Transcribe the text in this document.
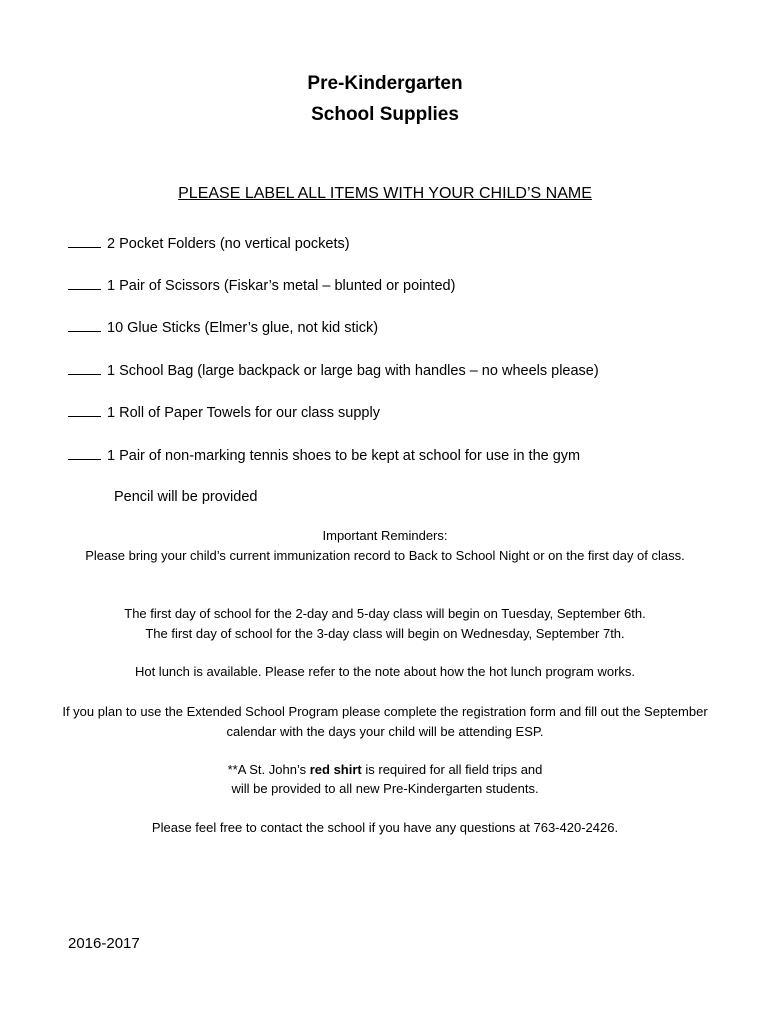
Pre-Kindergarten
School Supplies
PLEASE LABEL ALL ITEMS WITH YOUR CHILD’S NAME
2 Pocket Folders (no vertical pockets)
1 Pair of Scissors (Fiskar’s metal – blunted or pointed)
10 Glue Sticks (Elmer’s glue, not kid stick)
1 School Bag (large backpack or large bag with handles – no wheels please)
1 Roll of Paper Towels for our class supply
1 Pair of non-marking tennis shoes to be kept at school for use in the gym
Pencil will be provided
Important Reminders:
Please bring your child’s current immunization record to Back to School Night or on the first day of class.
The first day of school for the 2-day and 5-day class will begin on Tuesday, September 6th.
The first day of school for the 3-day class will begin on Wednesday, September 7th.
Hot lunch is available. Please refer to the note about how the hot lunch program works.
If you plan to use the Extended School Program please complete the registration form and fill out the September calendar with the days your child will be attending ESP.
**A St. John’s red shirt is required for all field trips and
will be provided to all new Pre-Kindergarten students.
Please feel free to contact the school if you have any questions at 763-420-2426.
2016-2017
